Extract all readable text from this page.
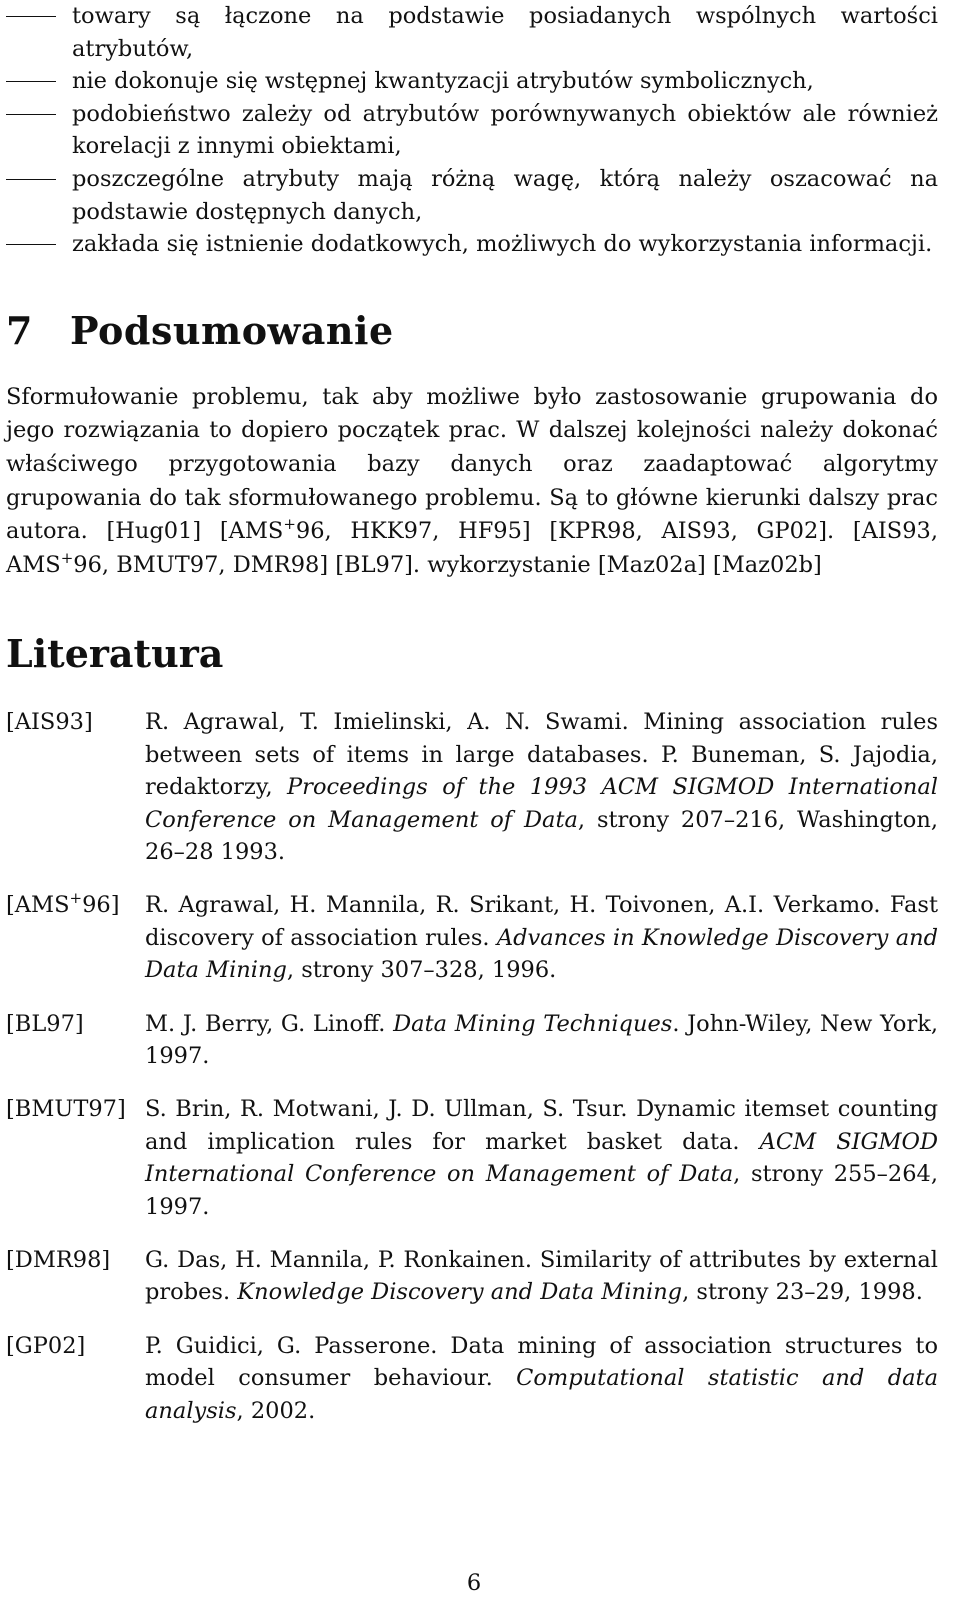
towary są łączone na podstawie posiadanych wspólnych wartości atrybutów,
nie dokonuje się wstępnej kwantyzacji atrybutów symbolicznych,
podobieństwo zależy od atrybutów porównywanych obiektów ale również korelacji z innymi obiektami,
poszczególne atrybuty mają różną wagę, którą należy oszacować na podstawie dostępnych danych,
zakłada się istnienie dodatkowych, możliwych do wykorzystania informacji.
7 Podsumowanie

Sformułowanie problemu, tak aby możliwe było zastosowanie grupowania do jego rozwiązania to dopiero początek prac. W dalszej kolejności należy dokonać właściwego przygotowania bazy danych oraz zaadaptować algorytmy grupowania do tak sformułowanego problemu. Są to główne kierunki dalszy prac autora. [Hug01] [AMS+96, HKK97, HF95] [KPR98, AIS93, GP02]. [AIS93, AMS+96, BMUT97, DMR98] [BL97]. wykorzystanie [Maz02a] [Maz02b]

Literatura
[AIS93] R. Agrawal, T. Imielinski, A. N. Swami. Mining association rules between sets of items in large databases. P. Buneman, S. Jajodia, redaktorzy, Proceedings of the 1993 ACM SIGMOD International Conference on Management of Data, strony 207–216, Washington, 26–28 1993.
[AMS+96] R. Agrawal, H. Mannila, R. Srikant, H. Toivonen, A.I. Verkamo. Fast discovery of association rules. Advances in Knowledge Discovery and Data Mining, strony 307–328, 1996.
[BL97]	M. J. Berry, G. Linoff. Data Mining Techniques. John-Wiley, New York, 1997.
[BMUT97] S. Brin, R. Motwani, J. D. Ullman, S. Tsur. Dynamic itemset counting and implication rules for market basket data. ACM SIGMOD International Conference on Management of Data, strony 255–264, 1997.
[DMR98] G. Das, H. Mannila, P. Ronkainen. Similarity of attributes by external probes. Knowledge Discovery and Data Mining, strony 23–29, 1998.
[GP02]	P. Guidici, G. Passerone. Data mining of association structures to model consumer behaviour. Computational statistic and data analysis, 2002.
6
